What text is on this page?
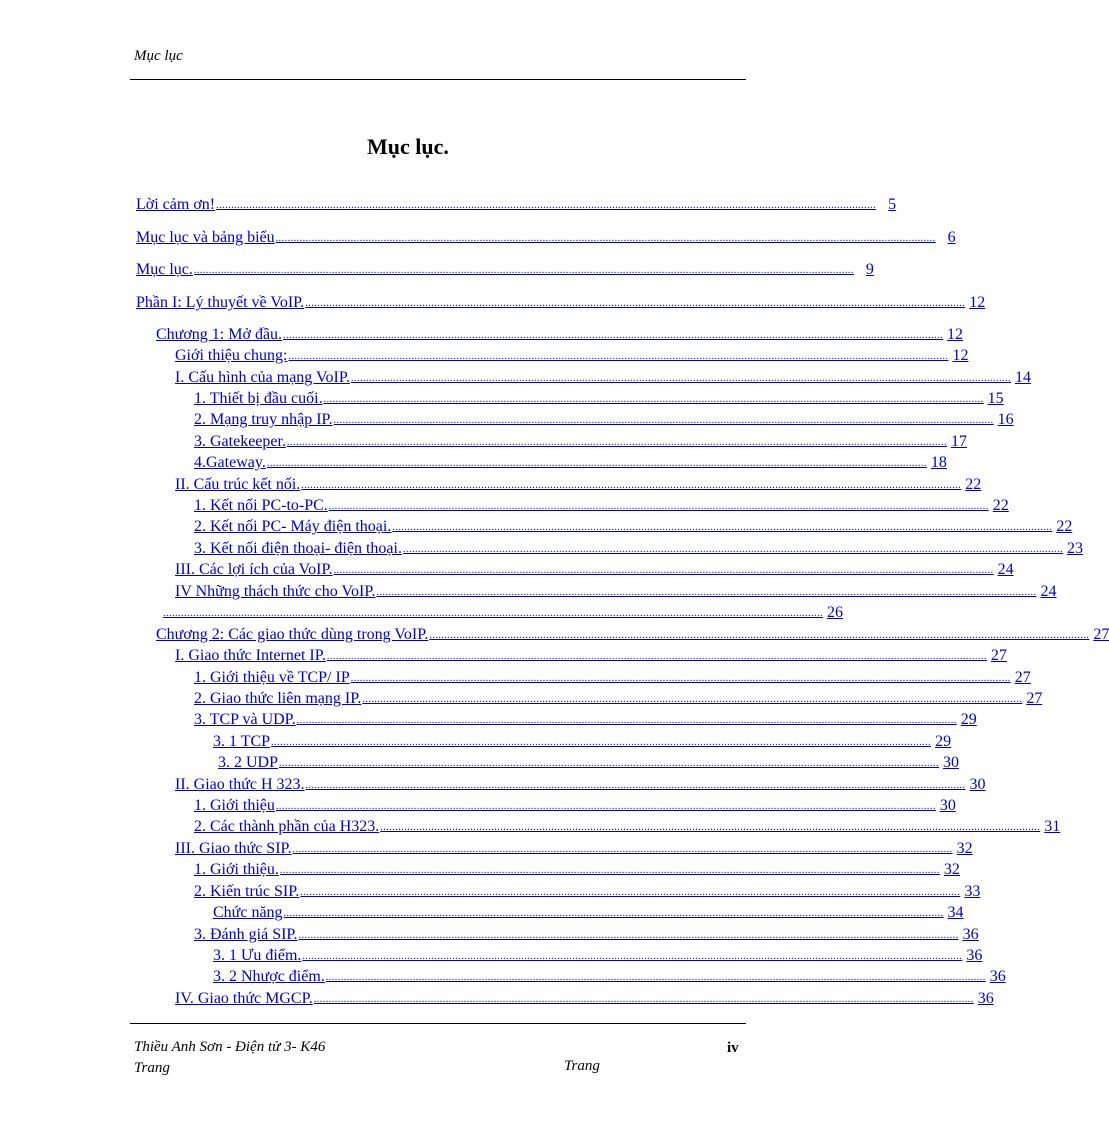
Mục lục
Mục lục.
Lời cảm ơn! ............................................................................................................................................................................................................................ 5
Mục lục và bảng biểu ............................................................................................................................................................................................................................ 6
Mục lục. ............................................................................................................................................................................................................................ 9
Phần I: Lý thuyết về VoIP. ............................................................................................................................................................................................................................ 12
Chương 1: Mở đầu. ............................................................................................................................................................................................................................ 12
Giới thiệu chung: ............................................................................................................................................................................................................................ 12
I. Cấu hình của mạng VoIP. ............................................................................................................................................................................................................................ 14
1. Thiết bị đầu cuối. ............................................................................................................................................................................................................................ 15
2. Mạng truy nhập IP. ............................................................................................................................................................................................................................ 16
3. Gatekeeper. ............................................................................................................................................................................................................................ 17
4.Gateway. ............................................................................................................................................................................................................................ 18
II. Cấu trúc kết nối. ............................................................................................................................................................................................................................ 22
1. Kết nối PC-to-PC. ............................................................................................................................................................................................................................ 22
2. Kết nối PC- Máy điện thoại. ............................................................................................................................................................................................................................ 22
3. Kết nối điện thoại- điện thoại. ............................................................................................................................................................................................................................ 23
III. Các lợi ích của VoIP. ............................................................................................................................................................................................................................ 24
IV Những thách thức cho VoIP. ............................................................................................................................................................................................................................ 24
............................................................................................................................................................................................................................ 26
Chương 2: Các giao thức dùng trong VoIP. ............................................................................................................................................................................................................................ 27
I. Giao thức Internet IP. ............................................................................................................................................................................................................................ 27
1. Giới thiệu về TCP/ IP ............................................................................................................................................................................................................................ 27
2. Giao thức liên mạng IP. ............................................................................................................................................................................................................................ 27
3. TCP và UDP. ............................................................................................................................................................................................................................ 29
3. 1 TCP ............................................................................................................................................................................................................................ 29
3. 2 UDP ............................................................................................................................................................................................................................ 30
II. Giao thức H 323. ............................................................................................................................................................................................................................ 30
1. Giới thiệu ............................................................................................................................................................................................................................ 30
2. Các thành phần của H323. ............................................................................................................................................................................................................................ 31
III. Giao thức SIP. ............................................................................................................................................................................................................................ 32
1. Giới thiệu. ............................................................................................................................................................................................................................ 32
2. Kiến trúc SIP. ............................................................................................................................................................................................................................ 33
Chức năng ............................................................................................................................................................................................................................ 34
3. Đánh giá SIP. ............................................................................................................................................................................................................................ 36
3. 1 Ưu điểm. ............................................................................................................................................................................................................................ 36
3. 2 Nhược điểm. ............................................................................................................................................................................................................................ 36
IV. Giao thức MGCP. ............................................................................................................................................................................................................................ 36
Thiều Anh Sơn - Điện tử 3- K46
Trang	Trang
iv
